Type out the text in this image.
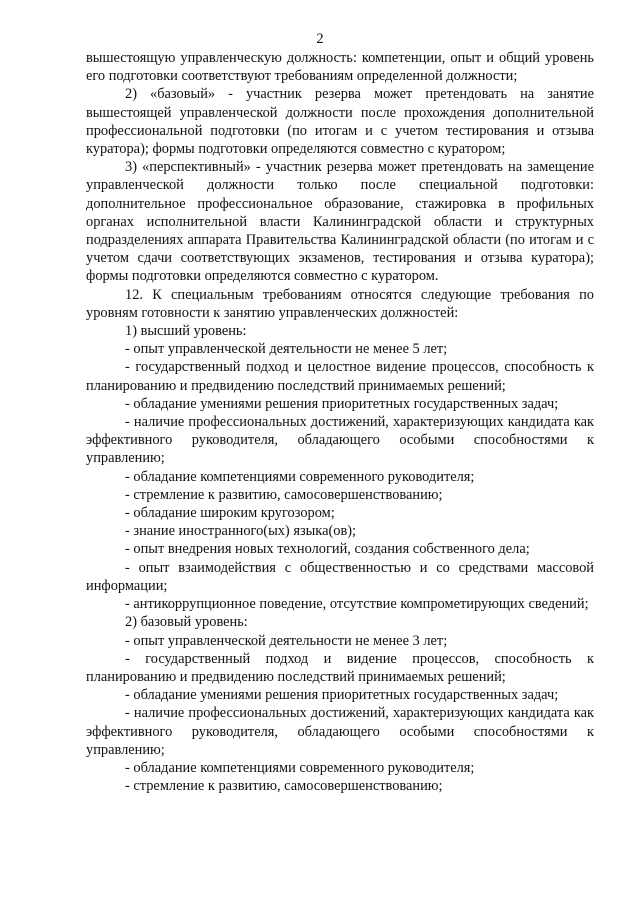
2

вышестоящую управленческую должность: компетенции, опыт и общий уровень его подготовки соответствуют требованиям определенной должности;

2) «базовый» - участник резерва может претендовать на занятие вышестоящей управленческой должности после прохождения дополнительной профессиональной подготовки (по итогам и с учетом тестирования и отзыва куратора); формы подготовки определяются совместно с куратором;

3) «перспективный» - участник резерва может претендовать на замещение управленческой должности только после специальной подготовки: дополнительное профессиональное образование, стажировка в профильных органах исполнительной власти Калининградской области и структурных подразделениях аппарата Правительства Калининградской области (по итогам и с учетом сдачи соответствующих экзаменов, тестирования и отзыва куратора); формы подготовки определяются совместно с куратором.

12. К специальным требованиям относятся следующие требования по уровням готовности к занятию управленческих должностей:

1) высший уровень:

- опыт управленческой деятельности не менее 5 лет;

- государственный подход и целостное видение процессов, способность к планированию и предвидению последствий принимаемых решений;

- обладание умениями решения приоритетных государственных задач;

- наличие профессиональных достижений, характеризующих кандидата как эффективного руководителя, обладающего особыми способностями к управлению;

- обладание компетенциями современного руководителя;

- стремление к развитию, самосовершенствованию;

- обладание широким кругозором;

- знание иностранного(ых) языка(ов);

- опыт внедрения новых технологий, создания собственного дела;

- опыт взаимодействия с общественностью и со средствами массовой информации;

- антикоррупционное поведение, отсутствие компрометирующих сведений;

2) базовый уровень:

- опыт управленческой деятельности не менее 3 лет;

- государственный подход и видение процессов, способность к планированию и предвидению последствий принимаемых решений;

- обладание умениями решения приоритетных государственных задач;

- наличие профессиональных достижений, характеризующих кандидата как эффективного руководителя, обладающего особыми способностями к управлению;

- обладание компетенциями современного руководителя;

- стремление к развитию, самосовершенствованию;
